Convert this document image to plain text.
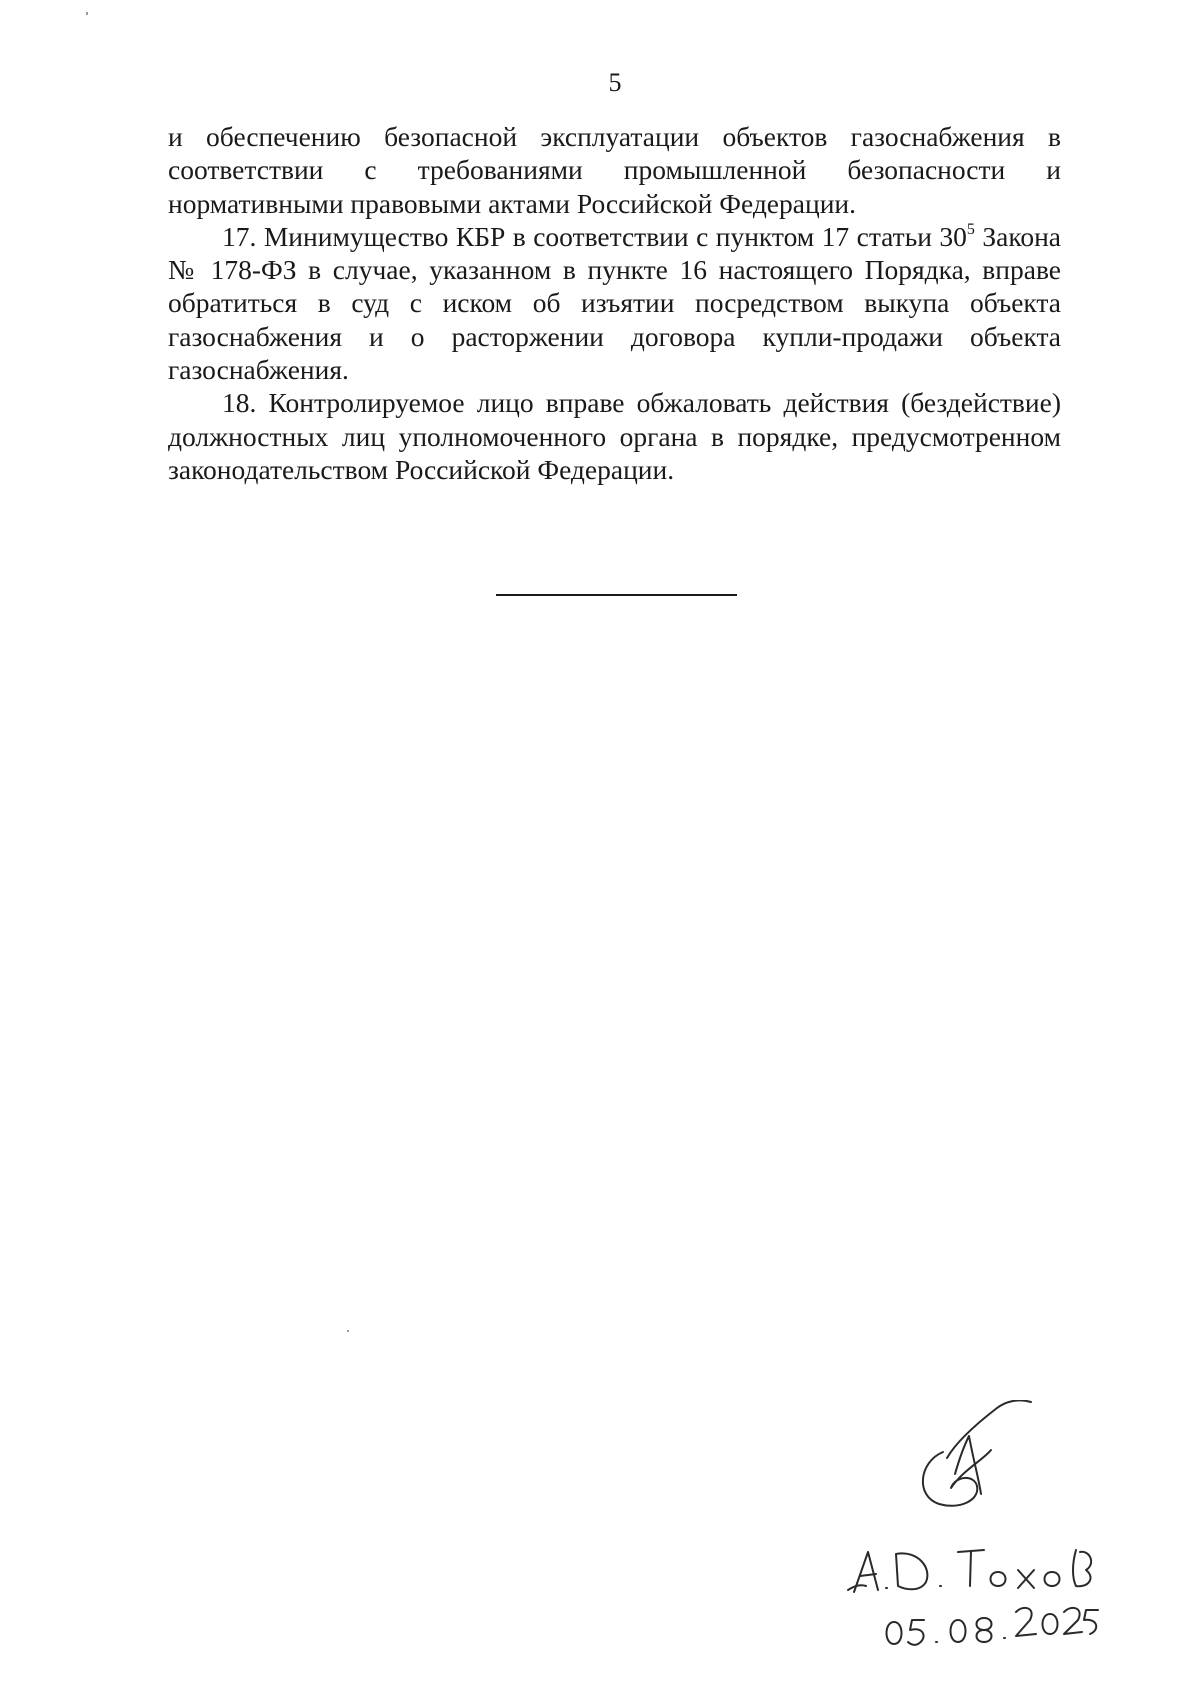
5

и обеспечению безопасной эксплуатации объектов газоснабжения в соответствии с требованиями промышленной безопасности и нормативными правовыми актами Российской Федерации.

17. Минимущество КБР в соответствии с пунктом 17 статьи $30^5$ Закона № 178-ФЗ в случае, указанном в пункте 16 настоящего Порядка, вправе обратиться в суд с иском об изъятии посредством выкупа объекта газоснабжения и о расторжении договора купли-продажи объекта газоснабжения.

18. Контролируемое лицо вправе обжаловать действия (бездействие) должностных лиц уполномоченного органа в порядке, предусмотренном законодательством Российской Федерации.
